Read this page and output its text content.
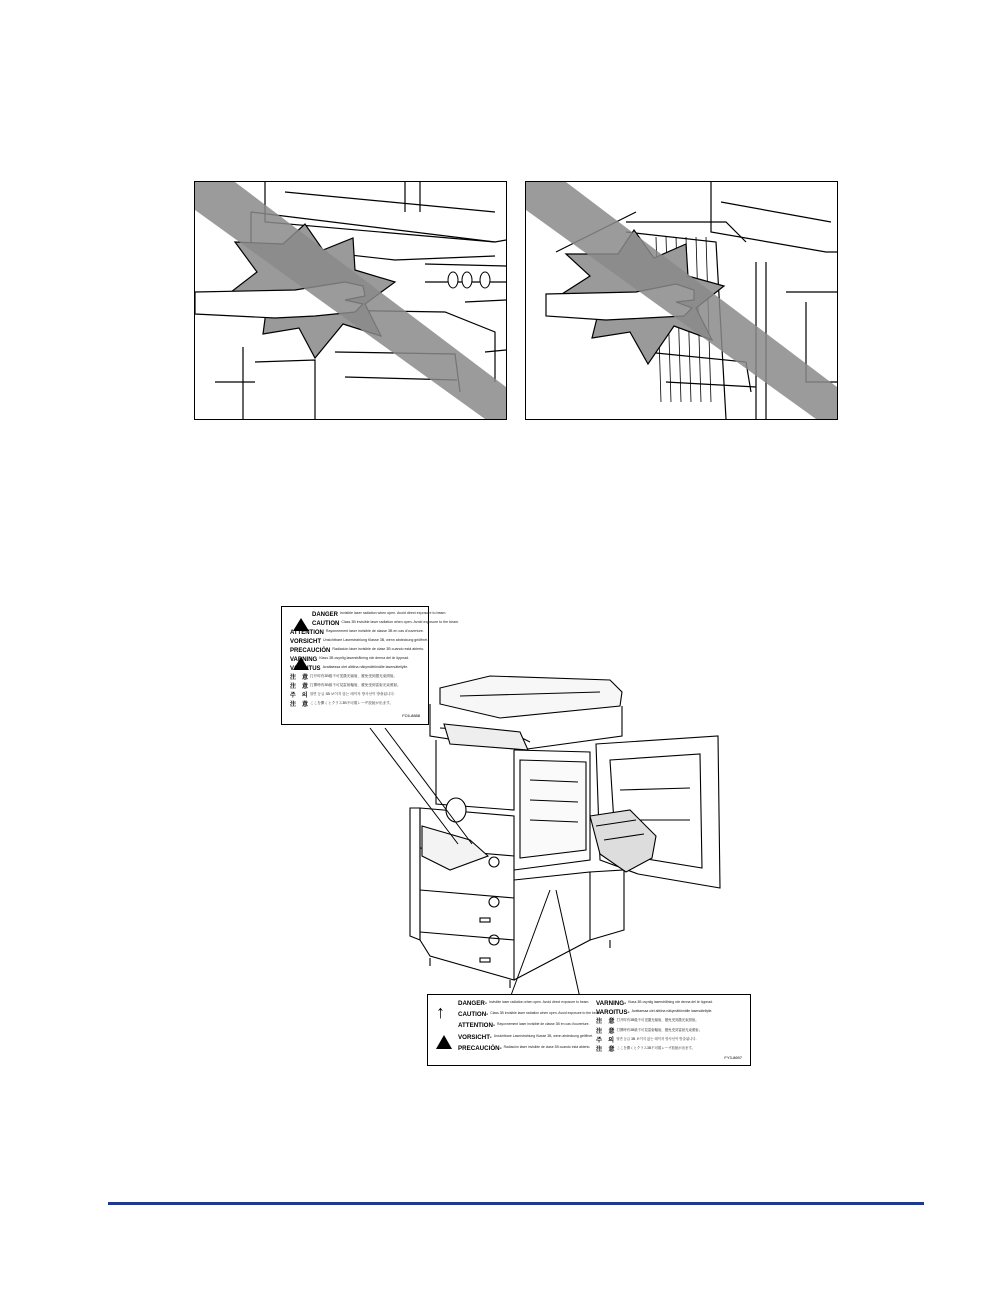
DANGER Invisible laser radiation when open. Avoid direct exposure to beam.
CAUTION Class 3B invisible laser radiation when open. Avoid exposure to the beam.
ATTENTION Rayonnement laser invisible de classe 3B en cas d'ouverture.
VORSICHT Unsichtbare Laserstrahlung Klasse 3B, wenn abdeckung geöffnet.
PRECAUCIÓN Radiación láser invisible de clase 3B cuando está abierto.
VARNING Klass 3B osynlig laserstrålning när denna del är öppnad.
VAROITUS Avattaessa olet alttiina näkymättömälle lasersäteilylle.
注　意 打开时有3B级不可见激光辐射，避免受到激光束照射。
注　意 打開時有3B級不可見雷射輻射，避免受到雷射光束照射。
주　의 열면 등급 3B 보이지 않는 레이저 방사선이 방출됩니다.
注　意 ここを開くとクラス3B不可視レーザ放射が出ます。
FC6-8888
↑ DANGER- Invisible laser radiation when open. Avoid direct exposure to beam.
CAUTION- Class 3B invisible laser radiation when open. Avoid exposure to the beam.
ATTENTION- Rayonnement laser invisible de classe 3B en cas d'ouverture.
VORSICHT- Unsichtbare Laserstrahlung Klasse 3B, wenn abdeckung geöffnet.
PRECAUCIÓN- Radiación láser invisible de clase 3B cuando está abierto.
VARNING- Klass 3B osynlig laserstrålning när denna del är öppnad.
VAROITUS- Avattaessa olet alttiina näkymättömälle lasersäteilylle.
注　意 打开时有3B级不可见激光辐射，避免受到激光束照射。
注　意 打開時有3B級不可見雷射輻射，避免受到雷射光束照射。
주　의 열면 등급 3B 보이지 않는 레이저 방사선이 방출됩니다.
注　意 ここを開くとクラス3B不可視レーザ放射が出ます。
FY3-8697
